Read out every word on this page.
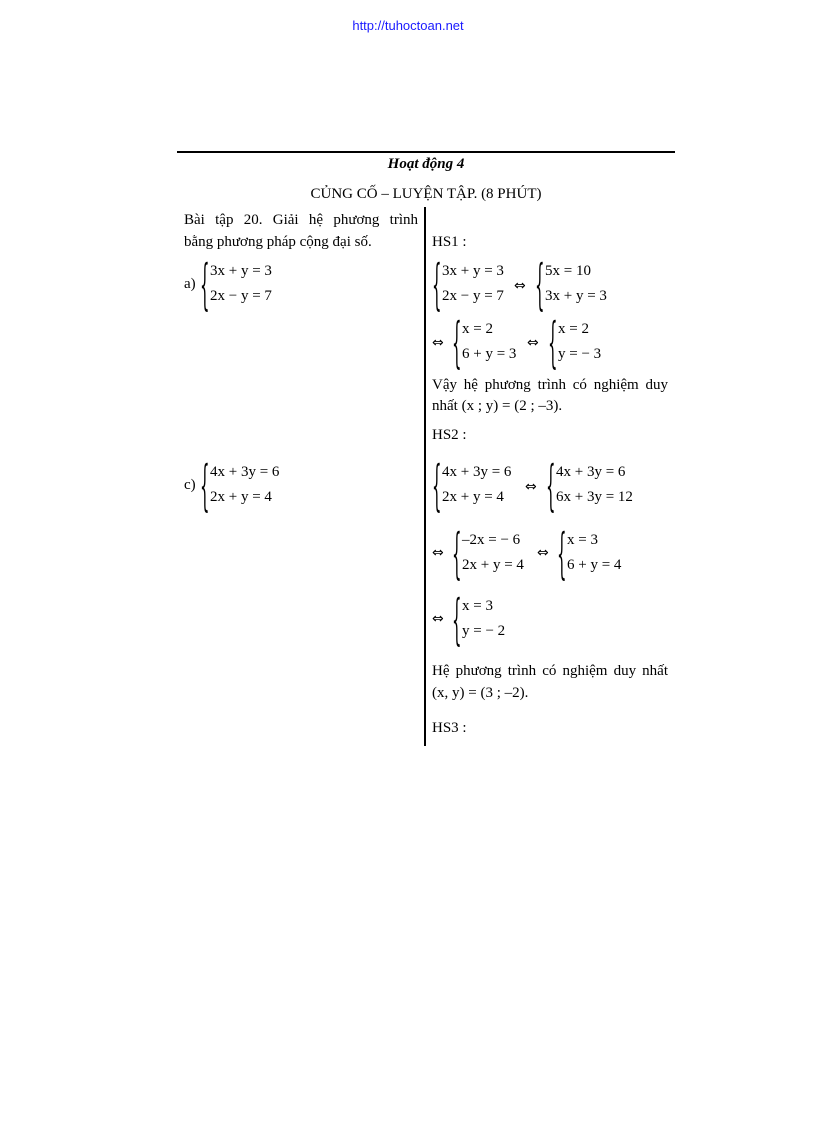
http://tuhoctoan.net
Hoạt động 4
CỦNG CỐ – LUYỆN TẬP. (8 PHÚT)
Bài tập 20. Giải hệ phương trình
bằng phương pháp cộng đại số.
a) { 3x + y = 3
2x − y = 7
c) { 4x + 3y = 6
2x + y = 4
HS1 :
{ 3x + y = 3
2x − y = 7
⇔ { 5x = 10
3x + y = 3
⇔ { x = 2
6 + y = 3
⇔ { x = 2
y = − 3
Vậy hệ phương trình có nghiệm duy
nhất (x ; y) = (2 ; –3).
HS2 :
{ 4x + 3y = 6
2x + y = 4
⇔ { 4x + 3y = 6
6x + 3y = 12
⇔ { –2x = − 6
2x + y = 4
⇔ { x = 3
6 + y = 4
⇔ { x = 3
y = − 2
Hệ phương trình có nghiệm duy nhất
(x, y) = (3 ; –2).
HS3 :
